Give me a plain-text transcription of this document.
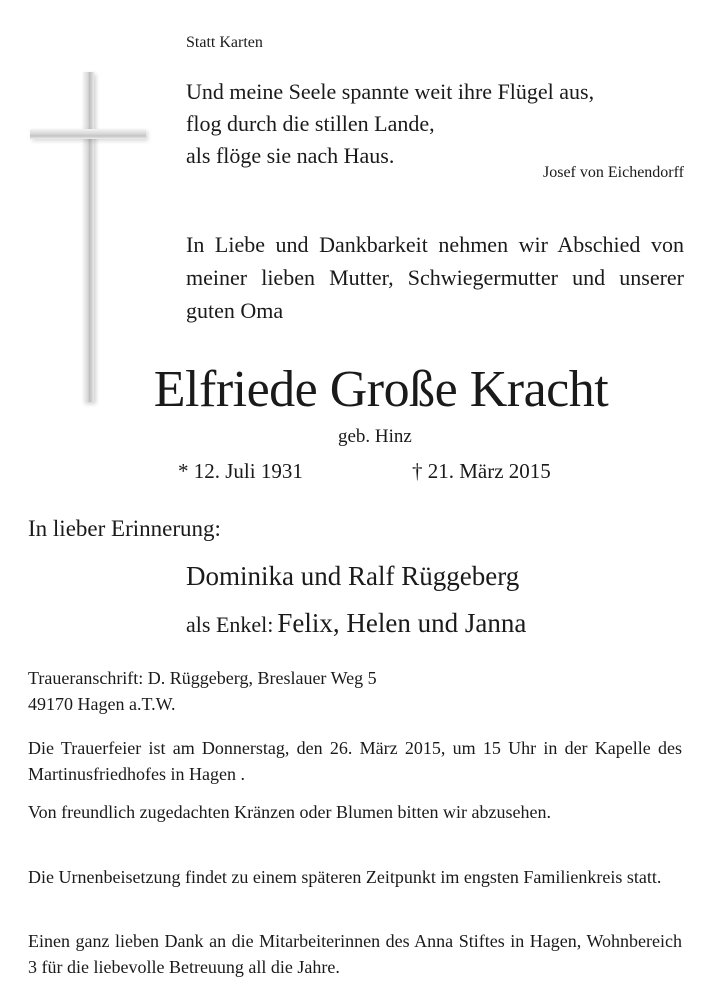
Statt Karten
Und meine Seele spannte weit ihre Flügel aus,
flog durch die stillen Lande,
als flöge sie nach Haus.
Josef von Eichendorff
In Liebe und Dankbarkeit nehmen wir Abschied von meiner lieben Mutter, Schwiegermutter und unserer guten Oma
Elfriede Große Kracht
geb. Hinz
* 12. Juli 1931	† 21. März 2015
In lieber Erinnerung:
Dominika und Ralf Rüggeberg
als Enkel: Felix, Helen und Janna
Traueranschrift: D. Rüggeberg, Breslauer Weg 5
49170 Hagen a.T.W.
Die Trauerfeier ist am Donnerstag, den 26. März 2015, um 15 Uhr in der Kapelle des Martinusfriedhofes in Hagen .
Von freundlich zugedachten Kränzen oder Blumen bitten wir abzusehen.
Die Urnenbeisetzung findet zu einem späteren Zeitpunkt im engsten Familienkreis statt.
Einen ganz lieben Dank an die Mitarbeiterinnen des Anna Stiftes in Hagen, Wohnbereich 3 für die liebevolle Betreuung all die Jahre.
